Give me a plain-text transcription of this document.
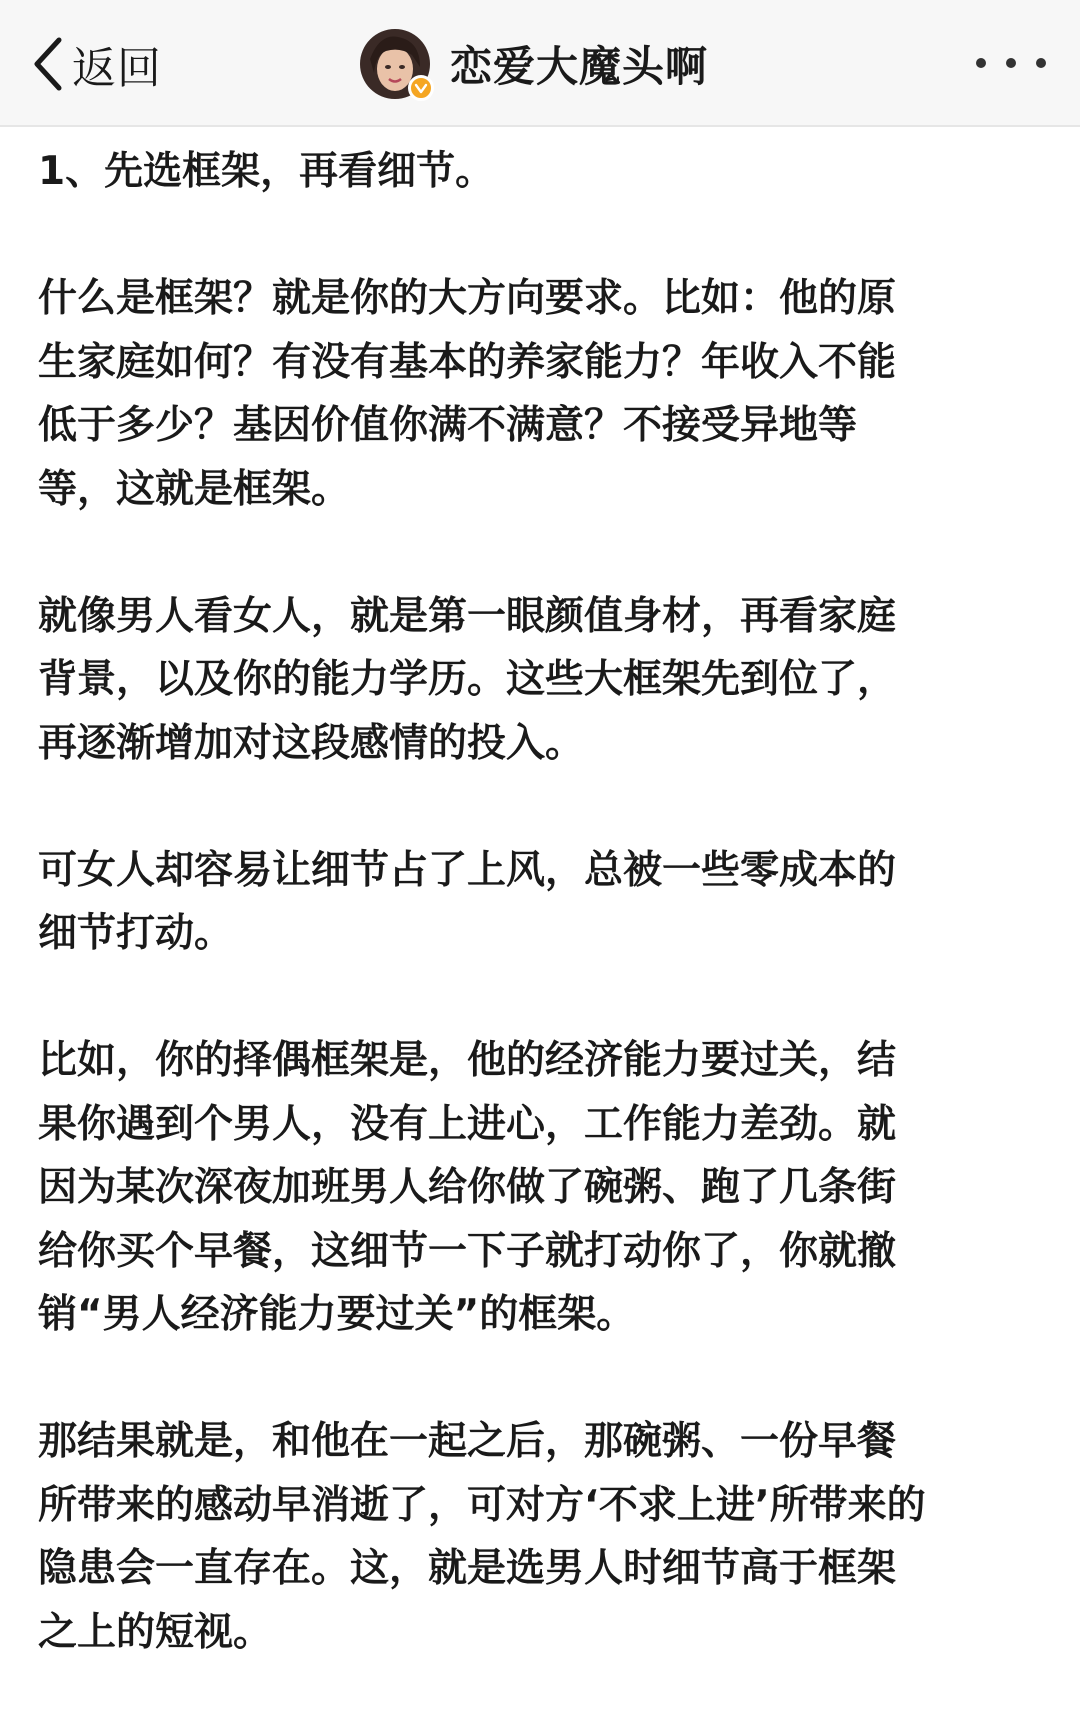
返回	恋爱大魔头啊

1、先选框架，再看细节。

什么是框架？就是你的大方向要求。比如：他的原
生家庭如何？有没有基本的养家能力？年收入不能
低于多少？基因价值你满不满意？不接受异地等
等，这就是框架。

就像男人看女人，就是第一眼颜值身材，再看家庭
背景，以及你的能力学历。这些大框架先到位了，
再逐渐增加对这段感情的投入。

可女人却容易让细节占了上风，总被一些零成本的
细节打动。

比如，你的择偶框架是，他的经济能力要过关，结
果你遇到个男人，没有上进心，工作能力差劲。就
因为某次深夜加班男人给你做了碗粥、跑了几条街
给你买个早餐，这细节一下子就打动你了，你就撤
销“男人经济能力要过关”的框架。

那结果就是，和他在一起之后，那碗粥、一份早餐
所带来的感动早消逝了，可对方‘不求上进’所带来的
隐患会一直存在。这，就是选男人时细节高于框架
之上的短视。
